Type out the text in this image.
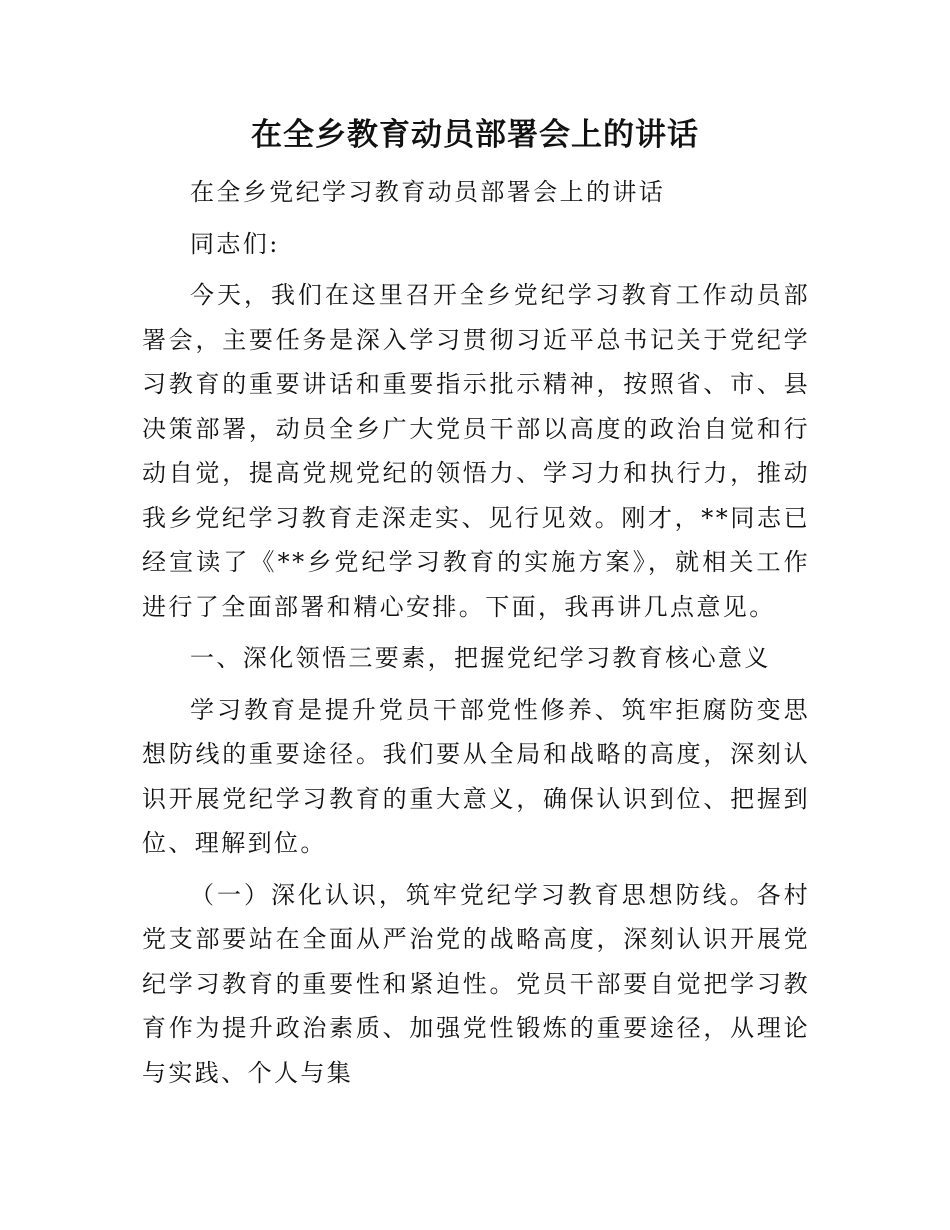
在全乡教育动员部署会上的讲话

在全乡党纪学习教育动员部署会上的讲话

同志们:

今天，我们在这里召开全乡党纪学习教育工作动员部署会，主要任务是深入学习贯彻习近平总书记关于党纪学习教育的重要讲话和重要指示批示精神，按照省、市、县决策部署，动员全乡广大党员干部以高度的政治自觉和行动自觉，提高党规党纪的领悟力、学习力和执行力，推动我乡党纪学习教育走深走实、见行见效。刚才，**同志已经宣读了《**乡党纪学习教育的实施方案》，就相关工作进行了全面部署和精心安排。下面，我再讲几点意见。

一、深化领悟三要素，把握党纪学习教育核心意义

学习教育是提升党员干部党性修养、筑牢拒腐防变思想防线的重要途径。我们要从全局和战略的高度，深刻认识开展党纪学习教育的重大意义，确保认识到位、把握到位、理解到位。

（一）深化认识，筑牢党纪学习教育思想防线。各村党支部要站在全面从严治党的战略高度，深刻认识开展党纪学习教育的重要性和紧迫性。党员干部要自觉把学习教育作为提升政治素质、加强党性锻炼的重要途径，从理论与实践、个人与集
